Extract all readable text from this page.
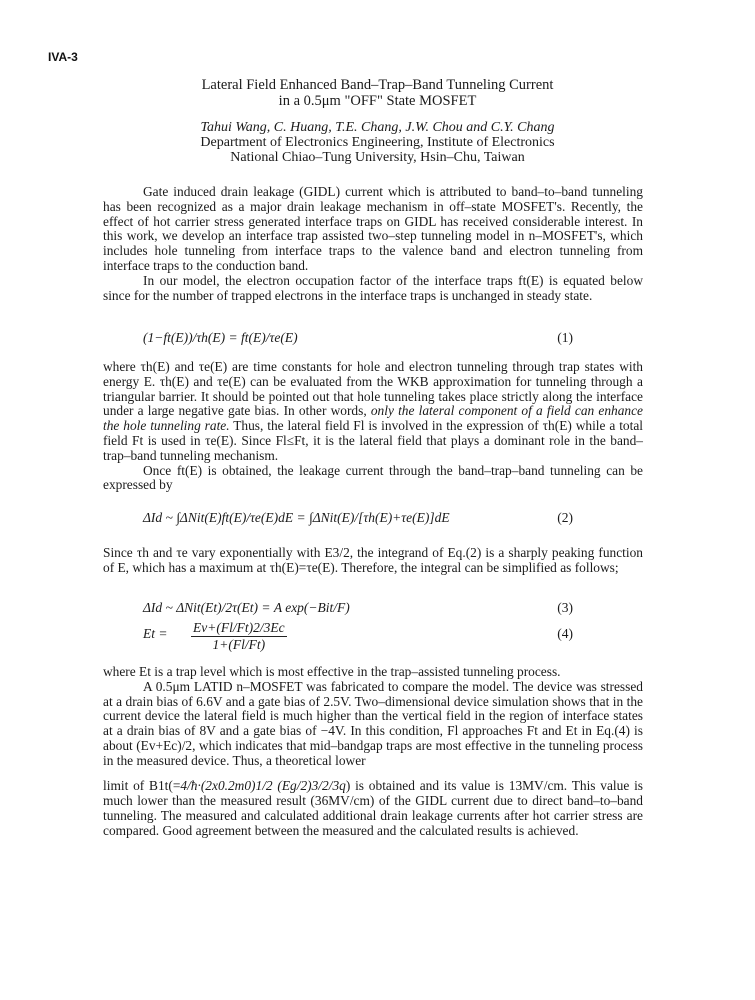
IVA-3
Lateral Field Enhanced Band–Trap–Band Tunneling Current
in a 0.5μm "OFF" State MOSFET
Tahui Wang, C. Huang, T.E. Chang, J.W. Chou and C.Y. Chang
Department of Electronics Engineering, Institute of Electronics
National Chiao–Tung University, Hsin–Chu, Taiwan

Gate induced drain leakage (GIDL) current which is attributed to band–to–band tunneling has been recognized as a major drain leakage mechanism in off–state MOSFET's. Recently, the effect of hot carrier stress generated interface traps on GIDL has received considerable interest. In this work, we develop an interface trap assisted two–step tunneling model in n–MOSFET's, which includes hole tunneling from interface traps to the valence band and electron tunneling from interface traps to the conduction band.

In our model, the electron occupation factor of the interface traps ft(E) is equated below since for the number of trapped electrons in the interface traps is unchanged in steady state.

(1−ft(E))/τh(E) = ft(E)/τe(E)	(1)

where τh(E) and τe(E) are time constants for hole and electron tunneling through trap states with energy E. τh(E) and τe(E) can be evaluated from the WKB approximation for tunneling through a triangular barrier. It should be pointed out that hole tunneling takes place strictly along the interface under a large negative gate bias. In other words, only the lateral component of a field can enhance the hole tunneling rate. Thus, the lateral field Fl is involved in the expression of τh(E) while a total field Ft is used in τe(E). Since Fl≤Ft, it is the lateral field that plays a dominant role in the band–trap–band tunneling mechanism.

Once ft(E) is obtained, the leakage current through the band–trap–band tunneling can be expressed by

ΔId ~ ∫ΔNit(E)ft(E)/τe(E)dE = ∫ΔNit(E)/[τh(E)+τe(E)]dE	(2)

Since τh and τe vary exponentially with E3/2, the integrand of Eq.(2) is a sharply peaking function of E, which has a maximum at τh(E)=τe(E). Therefore, the integral can be simplified as follows;

ΔId ~ ΔNit(Et)/2τ(Et) = A exp(−Bit/F)	(3)
$Et = \frac{Ev+(Fl/Ft)2/3Ec}{1+(Fl/Ft)}$	(4)

where Et is a trap level which is most effective in the trap–assisted tunneling process.

A 0.5μm LATID n–MOSFET was fabricated to compare the model. The device was stressed at a drain bias of 6.6V and a gate bias of 2.5V. Two–dimensional device simulation shows that in the current device the lateral field is much higher than the vertical field in the region of interface states at a drain bias of 8V and a gate bias of −4V. In this condition, Fl approaches Ft and Et in Eq.(4) is about (Ev+Ec)/2, which indicates that mid–bandgap traps are most effective in the tunneling process in the measured device. Thus, a theoretical lower

limit of B1t(=4/ħ·(2x0.2m0)1/2 (Eg/2)3/2/3q) is obtained and its value is 13MV/cm. This value is much lower than the measured result (36MV/cm) of the GIDL current due to direct band–to–band tunneling. The measured and calculated additional drain leakage currents after hot carrier stress are compared. Good agreement between the measured and the calculated results is achieved.
